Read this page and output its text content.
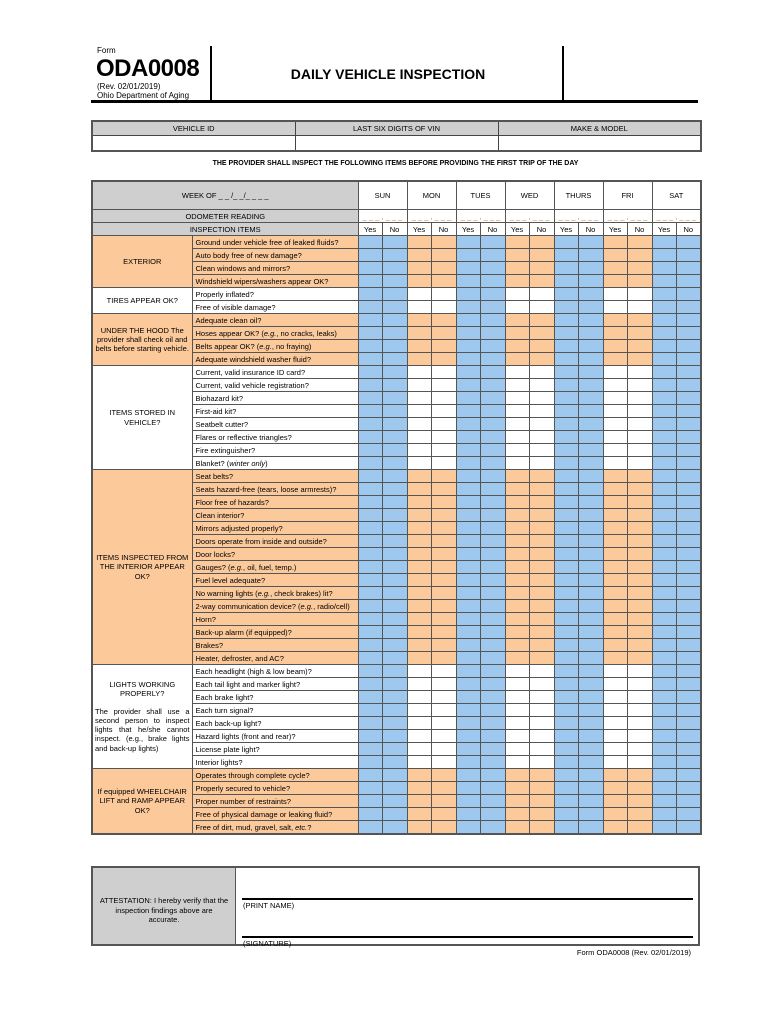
Form
ODA0008
(Rev. 02/01/2019)
Ohio Department of Aging
DAILY VEHICLE INSPECTION
VEHICLE ID	LAST SIX DIGITS OF VIN	MAKE & MODEL

THE PROVIDER SHALL INSPECT THE FOLLOWING ITEMS BEFORE PROVIDING THE FIRST TRIP OF THE DAY
WEEK OF _ _ /_ _/_ _ _ _		SUN		MON		TUES		WED		THURS		FRI		SAT	
ODOMETER READING		_ _ _ , _ _ _		_ _ _ , _ _ _		_ _ _ , _ _ _		_ _ _ , _ _ _		_ _ _ , _ _ _		_ _ _ , _ _ _		_ _ _ , _ _ _	
INSPECTION ITEMS		Yes	No	Yes	No	Yes	No	Yes	No	Yes	No	Yes	No	Yes	No
EXTERIOR	Ground under vehicle free of leaked fluids?														
	Auto body free of new damage?														
	Clean windows and mirrors?														
	Windshield wipers/washers appear OK?														
TIRES APPEAR OK?	Properly inflated?														
	Free of visible damage?														
UNDER THE HOOD The provider shall check oil and belts before starting vehicle.	Adequate clean oil?														
	Hoses appear OK? (e.g., no cracks, leaks)														
	Belts appear OK? (e.g., no fraying)														
	Adequate windshield washer fluid?														
ITEMS STORED IN VEHICLE?	Current, valid insurance ID card?														
	Current, valid vehicle registration?														
	Biohazard kit?														
	First-aid kit?														
	Seatbelt cutter?														
	Flares or reflective triangles?														
	Fire extinguisher?														
	Blanket? (winter only)														
ITEMS INSPECTED FROM THE INTERIOR APPEAR OK?	Seat belts?														
	Seats hazard-free (tears, loose armrests)?														
	Floor free of hazards?														
	Clean interior?														
	Mirrors adjusted properly?														
	Doors operate from inside and outside?														
	Door locks?														
	Gauges? (e.g., oil, fuel, temp.)														
	Fuel level adequate?														
	No warning lights (e.g., check brakes) lit?														
	2-way communication device? (e.g., radio/cell)														
	Horn?														
	Back-up alarm (if equipped)?														
	Brakes?														
	Heater, defroster, and AC?														
LIGHTS WORKING PROPERLY?
The provider shall use a second person to inspect lights that he/she cannot inspect. (e.g., brake lights and back-up lights)	Each headlight (high & low beam)?														
	Each tail light and marker light?														
	Each brake light?														
	Each turn signal?														
	Each back-up light?														
	Hazard lights (front and rear)?														
	License plate light?														
	Interior lights?														
If equipped WHEELCHAIR LIFT and RAMP APPEAR OK?	Operates through complete cycle?														
	Properly secured to vehicle?														
	Proper number of restraints?														
	Free of physical damage or leaking fluid?														
	Free of dirt, mud, gravel, salt, etc.?														
ATTESTATION: I hereby verify that the inspection findings above are accurate.
(PRINT NAME)
(SIGNATURE)
Form ODA0008 (Rev. 02/01/2019)
